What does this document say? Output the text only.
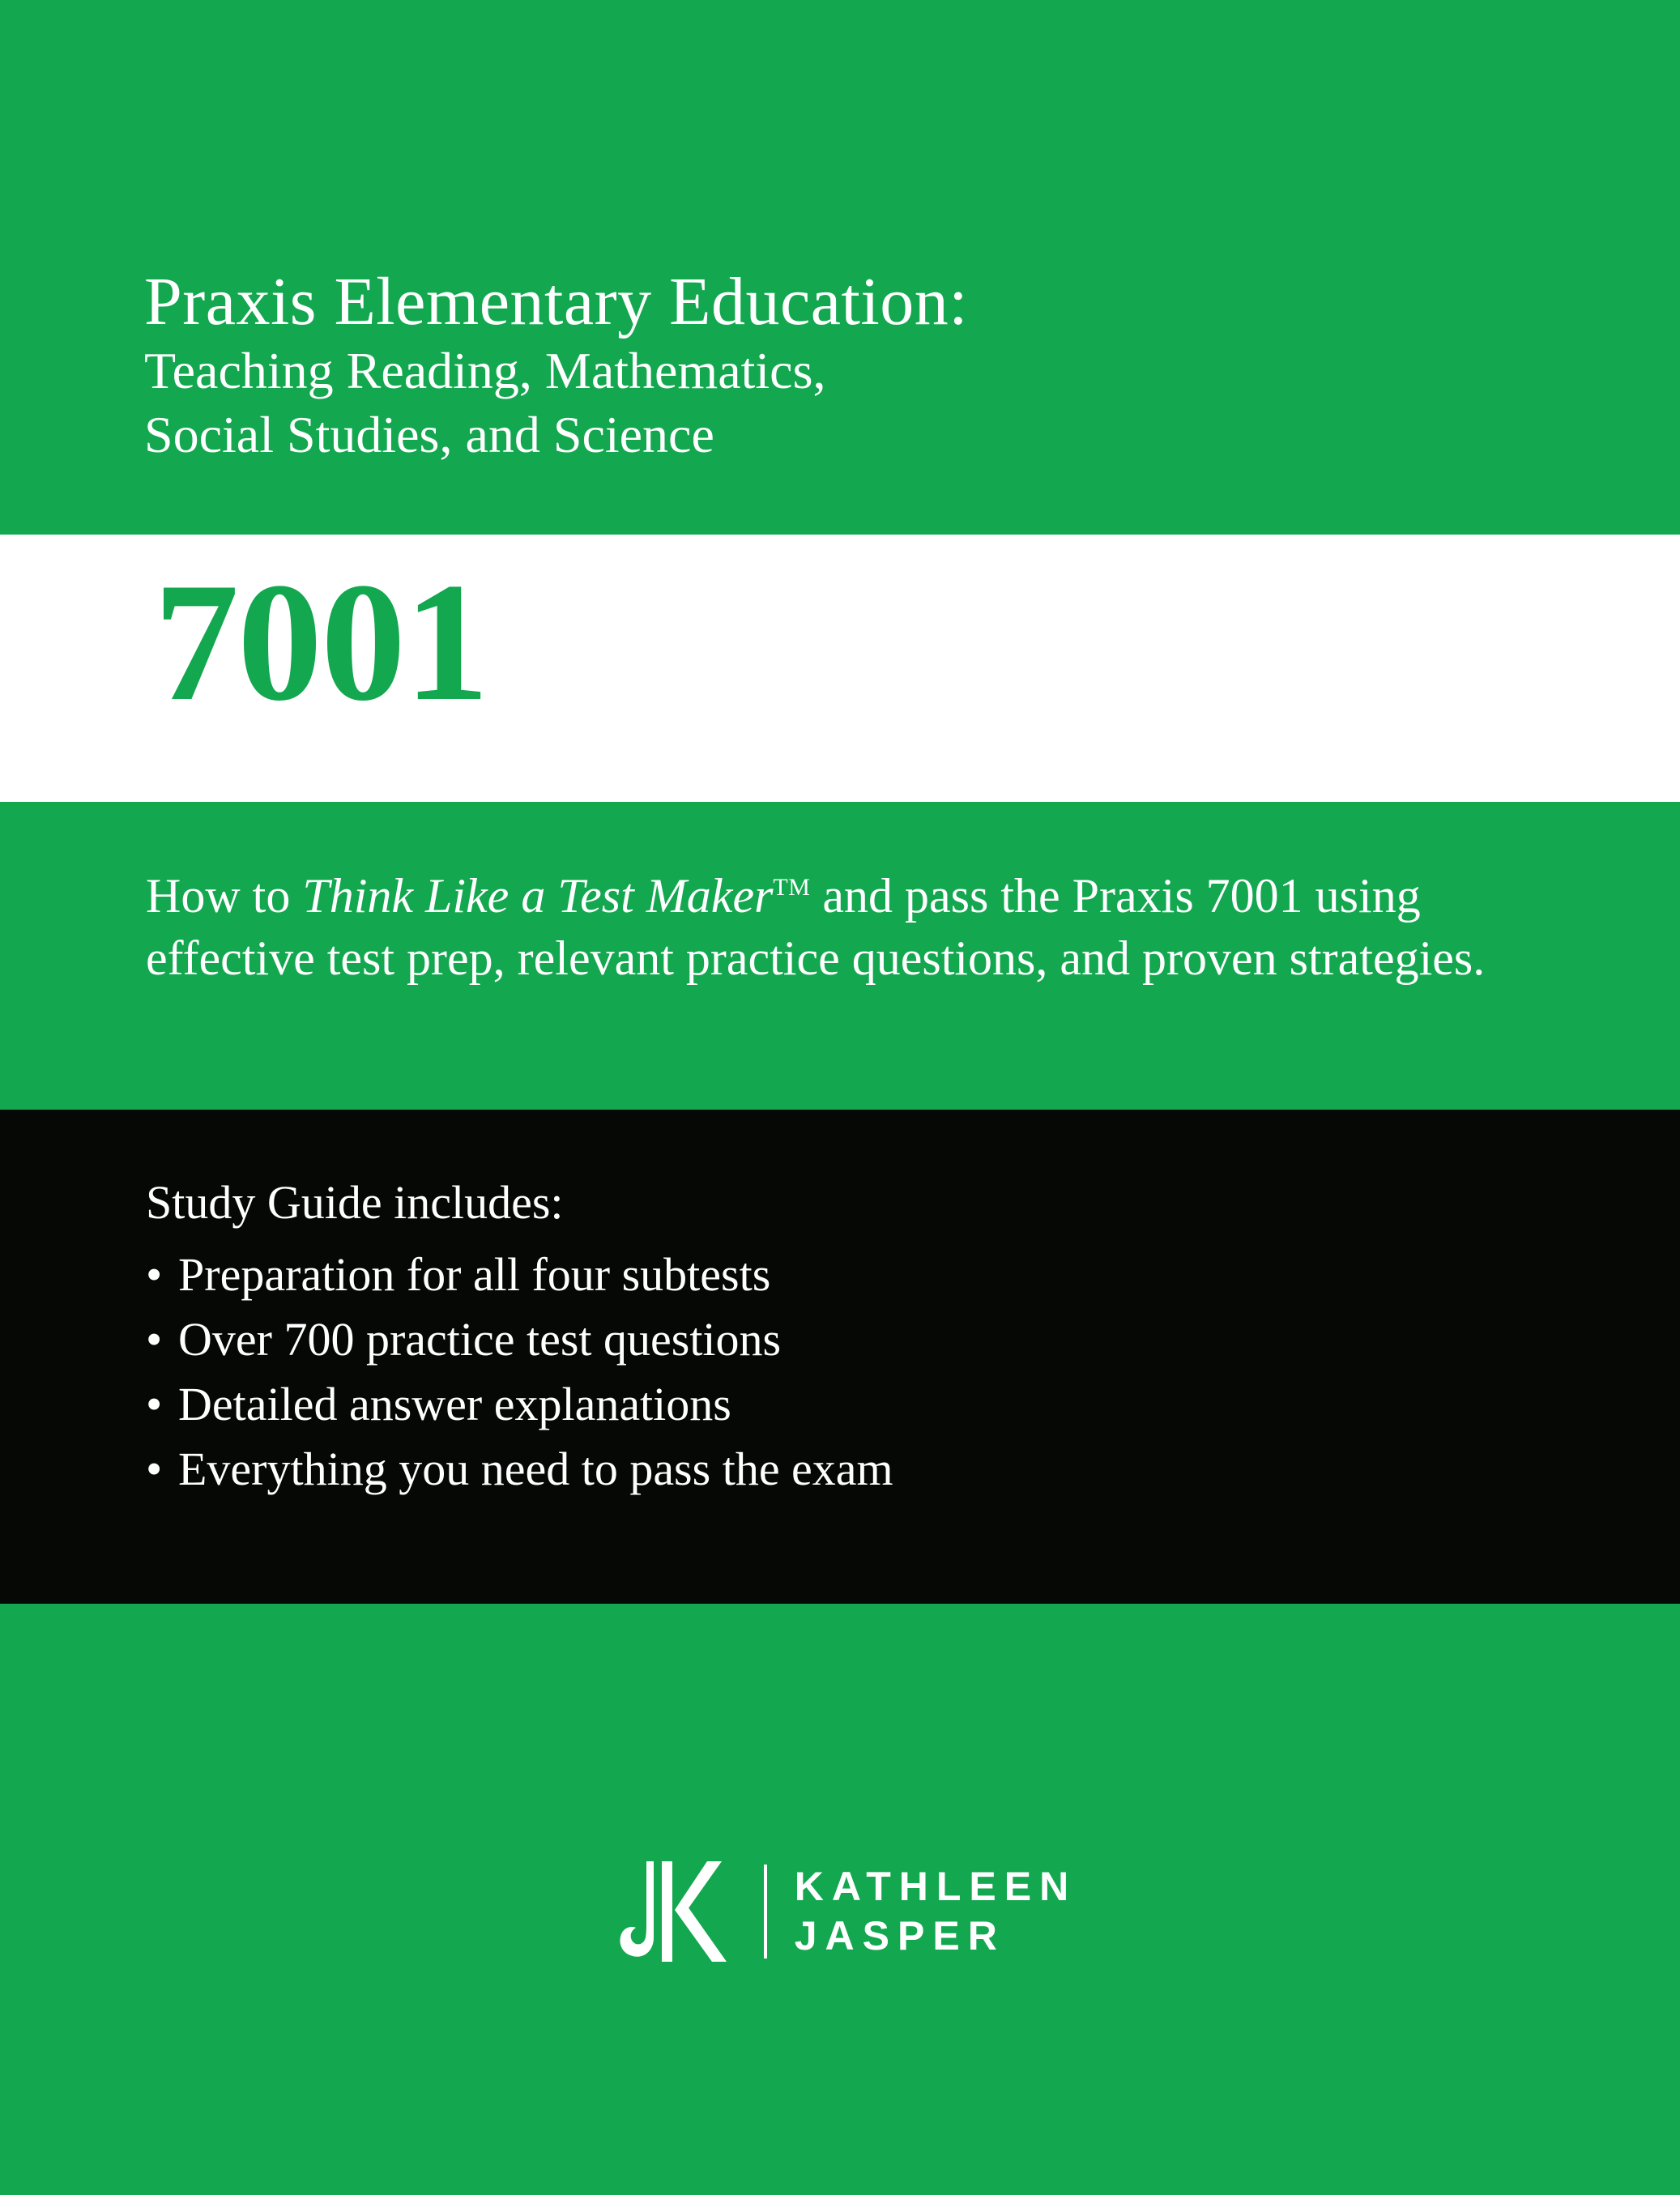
Praxis Elementary Education:
Teaching Reading, Mathematics,
Social Studies, and Science
7001
How to Think Like a Test Maker™ and pass the Praxis 7001 using effective test prep, relevant practice questions, and proven strategies.
Study Guide includes:
• Preparation for all four subtests
• Over 700 practice test questions
• Detailed answer explanations
• Everything you need to pass the exam
KATHLEEN
JASPER
